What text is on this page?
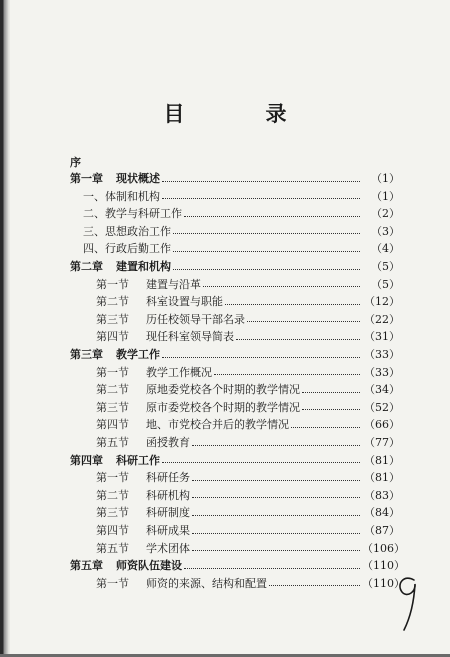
目　录
序
第一章 现状概述	（1）
一、体制和机构	（1）
二、教学与科研工作	（2）
三、思想政治工作	（3）
四、行政后勤工作	（4）
第二章 建置和机构	（5）
第一节 建置与沿革	（5）
第二节 科室设置与职能	（12）
第三节 历任校领导干部名录	（22）
第四节 现任科室领导简表	（31）
第三章 教学工作	（33）
第一节 教学工作概况	（33）
第二节 原地委党校各个时期的教学情况	（34）
第三节 原市委党校各个时期的教学情况	（52）
第四节 地、市党校合并后的教学情况	（66）
第五节 函授教育	（77）
第四章 科研工作	（81）
第一节 科研任务	（81）
第二节 科研机构	（83）
第三节 科研制度	（84）
第四节 科研成果	（87）
第五节 学术团体	（106）
第五章 师资队伍建设	（110）
第一节 师资的来源、结构和配置	（110）
